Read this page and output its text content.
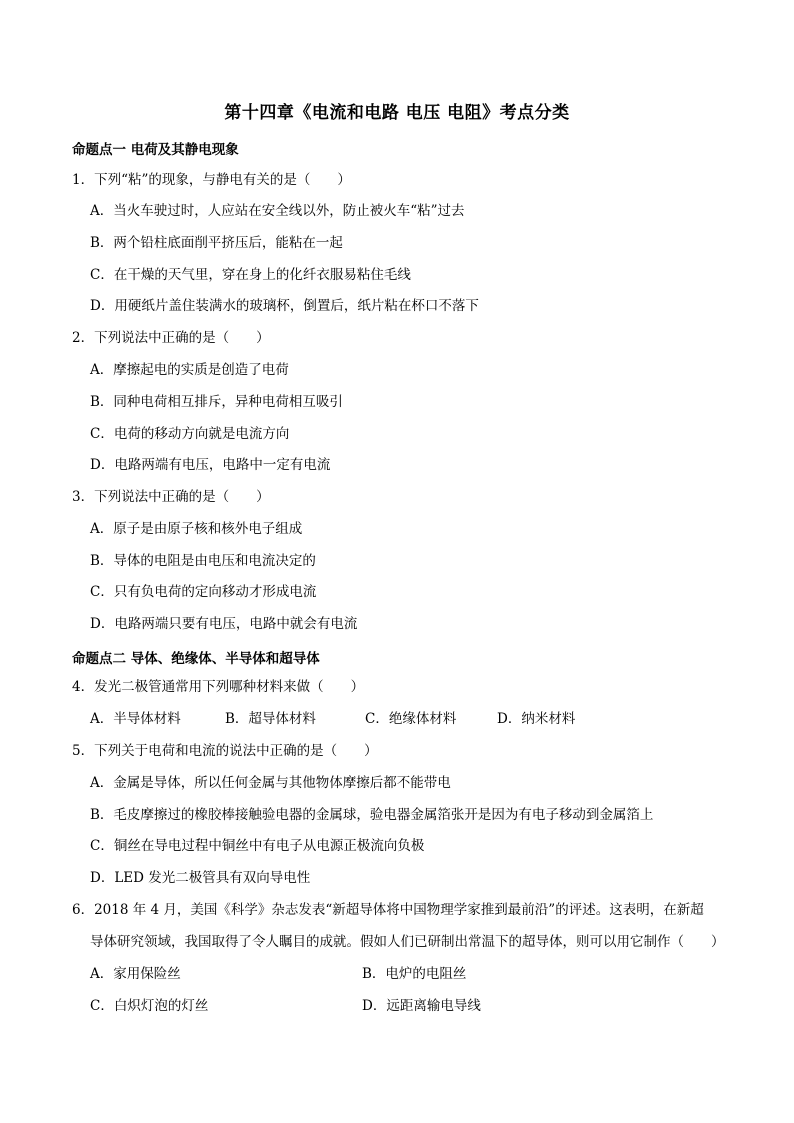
第十四章《电流和电路 电压 电阻》考点分类
命题点一 电荷及其静电现象
1．下列“粘”的现象，与静电有关的是（　　）
A．当火车驶过时，人应站在安全线以外，防止被火车“粘”过去
B．两个铅柱底面削平挤压后，能粘在一起
C．在干燥的天气里，穿在身上的化纤衣服易粘住毛线
D．用硬纸片盖住装满水的玻璃杯，倒置后，纸片粘在杯口不落下
2．下列说法中正确的是（　　）
A．摩擦起电的实质是创造了电荷
B．同种电荷相互排斥，异种电荷相互吸引
C．电荷的移动方向就是电流方向
D．电路两端有电压，电路中一定有电流
3．下列说法中正确的是（　　）
A．原子是由原子核和核外电子组成
B．导体的电阻是由电压和电流决定的
C．只有负电荷的定向移动才形成电流
D．电路两端只要有电压，电路中就会有电流
命题点二 导体、绝缘体、半导体和超导体
4．发光二极管通常用下列哪种材料来做（　　）
A．半导体材料	B．超导体材料	C．绝缘体材料	D．纳米材料
5．下列关于电荷和电流的说法中正确的是（　　）
A．金属是导体，所以任何金属与其他物体摩擦后都不能带电
B．毛皮摩擦过的橡胶棒接触验电器的金属球，验电器金属箔张开是因为有电子移动到金属箔上
C．铜丝在导电过程中铜丝中有电子从电源正极流向负极
D．LED 发光二极管具有双向导电性
6．2018 年 4 月，美国《科学》杂志发表“新超导体将中国物理学家推到最前沿”的评述。这表明，在新超
导体研究领域，我国取得了令人瞩目的成就。假如人们已研制出常温下的超导体，则可以用它制作（　　）
A．家用保险丝	B．电炉的电阻丝
C．白炽灯泡的灯丝	D．远距离输电导线
